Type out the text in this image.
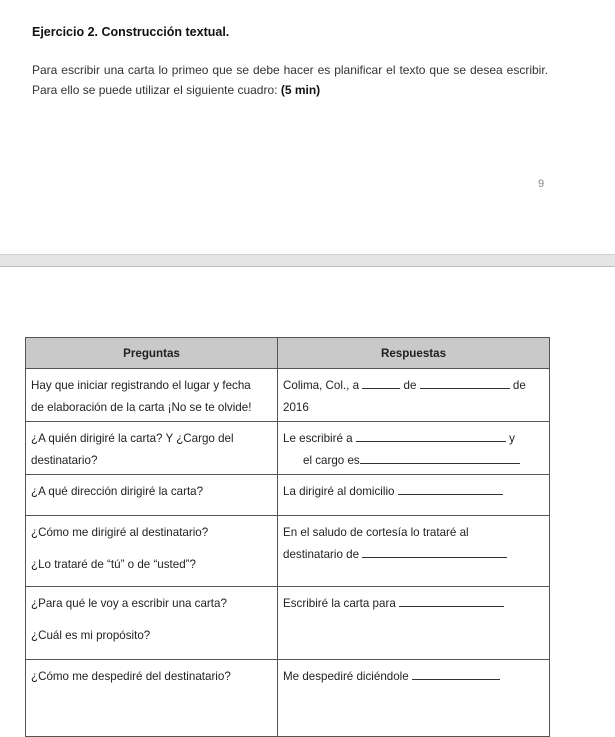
Ejercicio 2. Construcción textual.
Para escribir una carta lo primeo que se debe hacer es planificar el texto que se desea escribir. Para ello se puede utilizar el siguiente cuadro: (5 min)
9
Preguntas	Respuestas

Hay que iniciar registrando el lugar y fecha
de elaboración de la carta ¡No se te olvide!	Colima, Col., a de de
2016

¿A quién dirigiré la carta? Y ¿Cargo del
destinatario?	Le escribiré a y
el cargo es

¿A qué dirección dirigiré la carta?	La dirigiré al domicilio

¿Cómo me dirigiré al destinatario?
¿Lo trataré de “tú” o de “usted”?	En el saludo de cortesía lo trataré al
destinatario de

¿Para qué le voy a escribir una carta?
¿Cuál es mi propósito?	Escribiré la carta para

¿Cómo me despediré del destinatario?	Me despediré diciéndole
